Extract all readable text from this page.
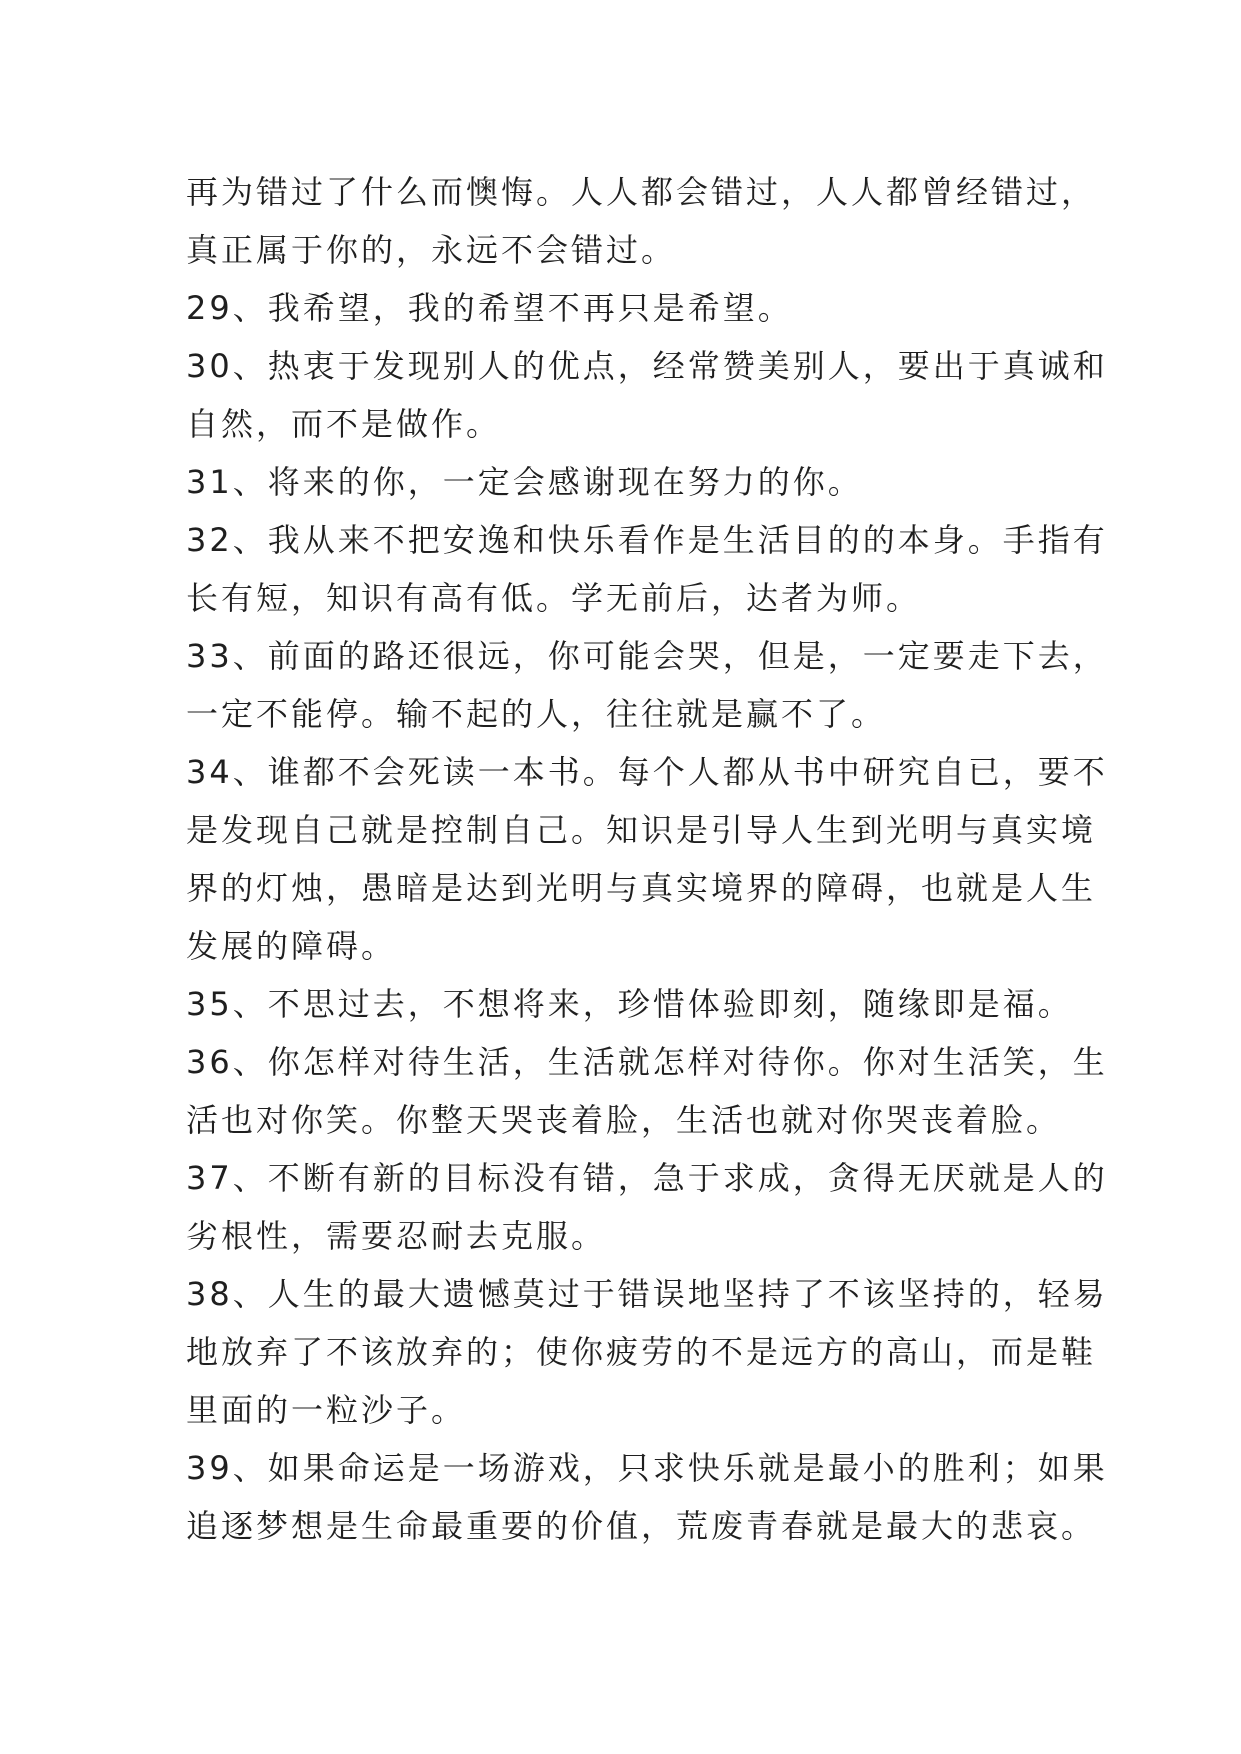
再为错过了什么而懊悔。人人都会错过，人人都曾经错过，
真正属于你的，永远不会错过。
29、我希望，我的希望不再只是希望。
30、热衷于发现别人的优点，经常赞美别人，要出于真诚和
自然，而不是做作。
31、将来的你，一定会感谢现在努力的你。
32、我从来不把安逸和快乐看作是生活目的的本身。手指有
长有短，知识有高有低。学无前后，达者为师。
33、前面的路还很远，你可能会哭，但是，一定要走下去，
一定不能停。输不起的人，往往就是赢不了。
34、谁都不会死读一本书。每个人都从书中研究自已，要不
是发现自己就是控制自己。知识是引导人生到光明与真实境
界的灯烛，愚暗是达到光明与真实境界的障碍，也就是人生
发展的障碍。
35、不思过去，不想将来，珍惜体验即刻，随缘即是福。
36、你怎样对待生活，生活就怎样对待你。你对生活笑，生
活也对你笑。你整天哭丧着脸，生活也就对你哭丧着脸。
37、不断有新的目标没有错，急于求成，贪得无厌就是人的
劣根性，需要忍耐去克服。
38、人生的最大遗憾莫过于错误地坚持了不该坚持的，轻易
地放弃了不该放弃的；使你疲劳的不是远方的高山，而是鞋
里面的一粒沙子。
39、如果命运是一场游戏，只求快乐就是最小的胜利；如果
追逐梦想是生命最重要的价值，荒废青春就是最大的悲哀。
